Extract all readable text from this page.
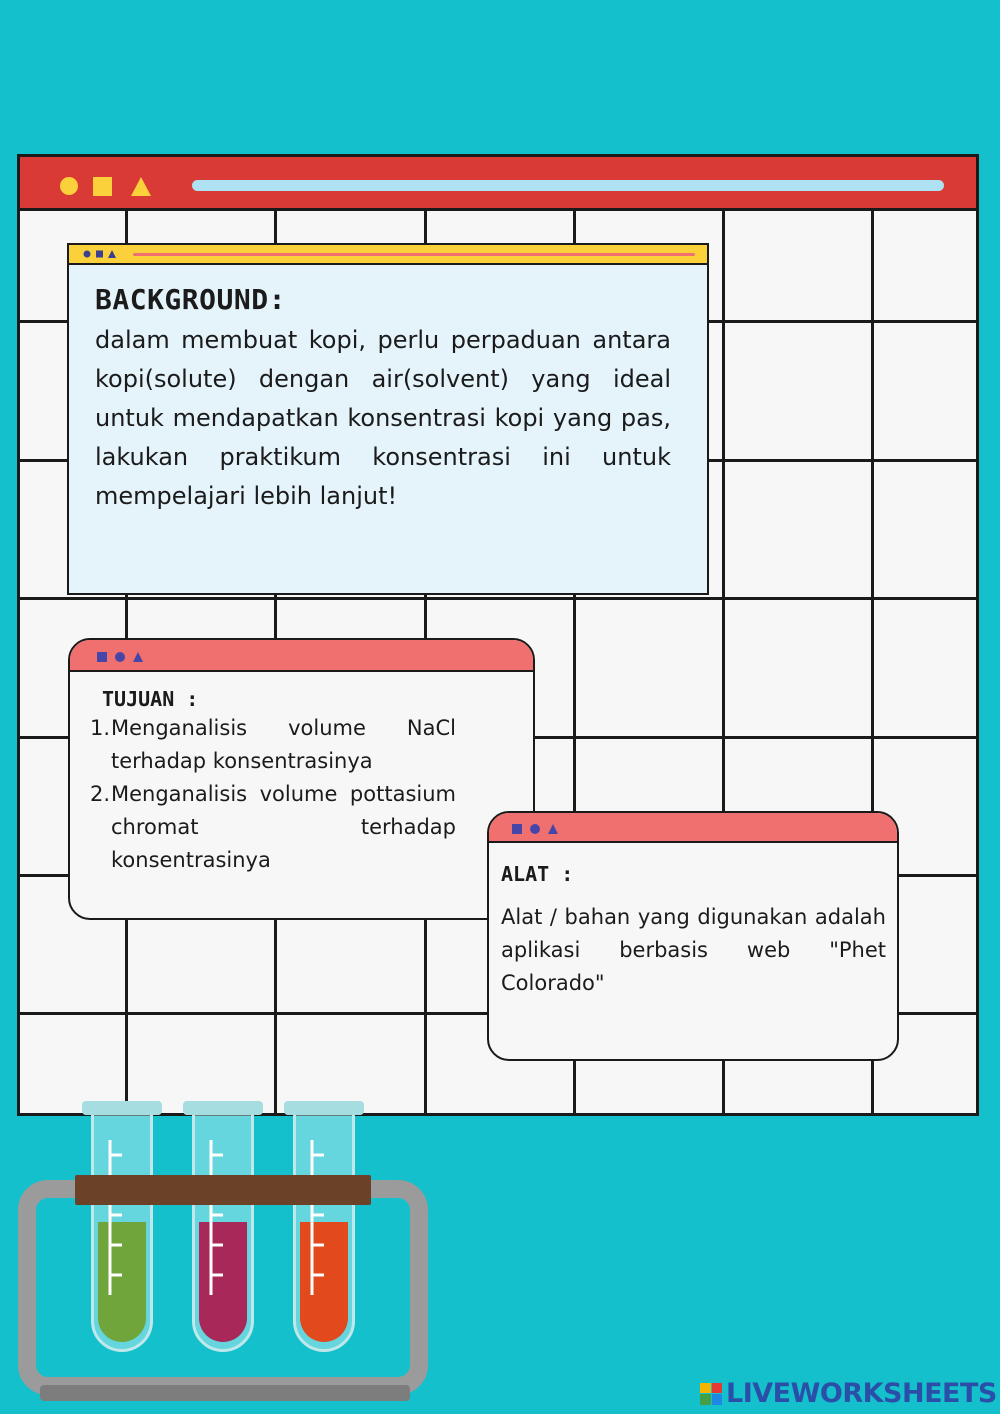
BACKGROUND:
dalam membuat kopi, perlu perpaduan antara kopi(solute) dengan air(solvent) yang ideal untuk mendapatkan konsentrasi kopi yang pas, lakukan praktikum konsentrasi ini untuk mempelajari lebih lanjut!
TUJUAN :
1. Menganalisis volume NaCl terhadap konsentrasinya
2. Menganalisis volume pottasium chromat terhadap konsentrasinya
ALAT :
Alat / bahan yang digunakan adalah aplikasi berbasis web "Phet Colorado"
LIVEWORKSHEETS
